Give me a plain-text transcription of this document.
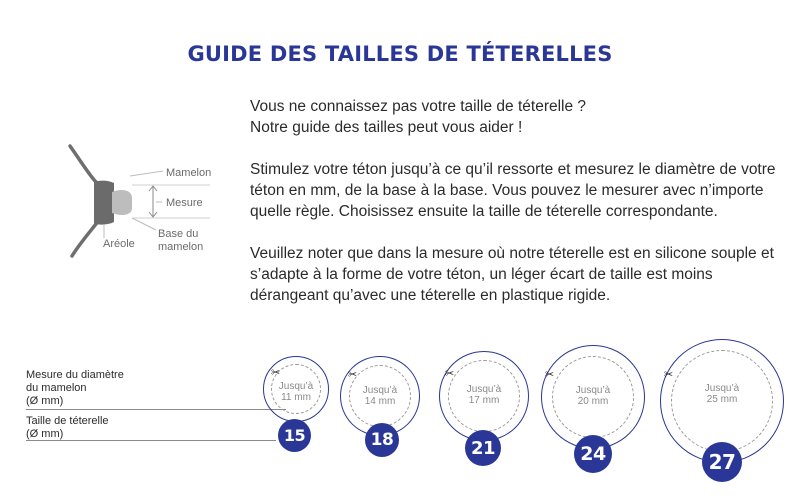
GUIDE DES TAILLES DE TÉTERELLES

Vous ne connaissez pas votre taille de téterelle ?
Notre guide des tailles peut vous aider !

Stimulez votre téton jusqu’à ce qu’il ressorte et mesurez le diamètre de votre téton en mm, de la base à la base. Vous pouvez le mesurer avec n’importe quelle règle. Choisissez ensuite la taille de téterelle correspondante.

Veuillez noter que dans la mesure où notre téterelle est en silicone souple et s’adapte à la forme de votre téton, un léger écart de taille est moins dérangeant qu’avec une téterelle en plastique rigide.

Mamelon
Mesure
Base du
mamelon
Aréole
Mesure du diamètre
du mamelon
(Ø mm)
Taille de téterelle
(Ø mm)
✂
Jusqu’à
11 mm
15
✂
Jusqu’à
14 mm
18
✂
Jusqu’à
17 mm
21
✂
Jusqu’à
20 mm
24
✂
Jusqu’à
25 mm
27
